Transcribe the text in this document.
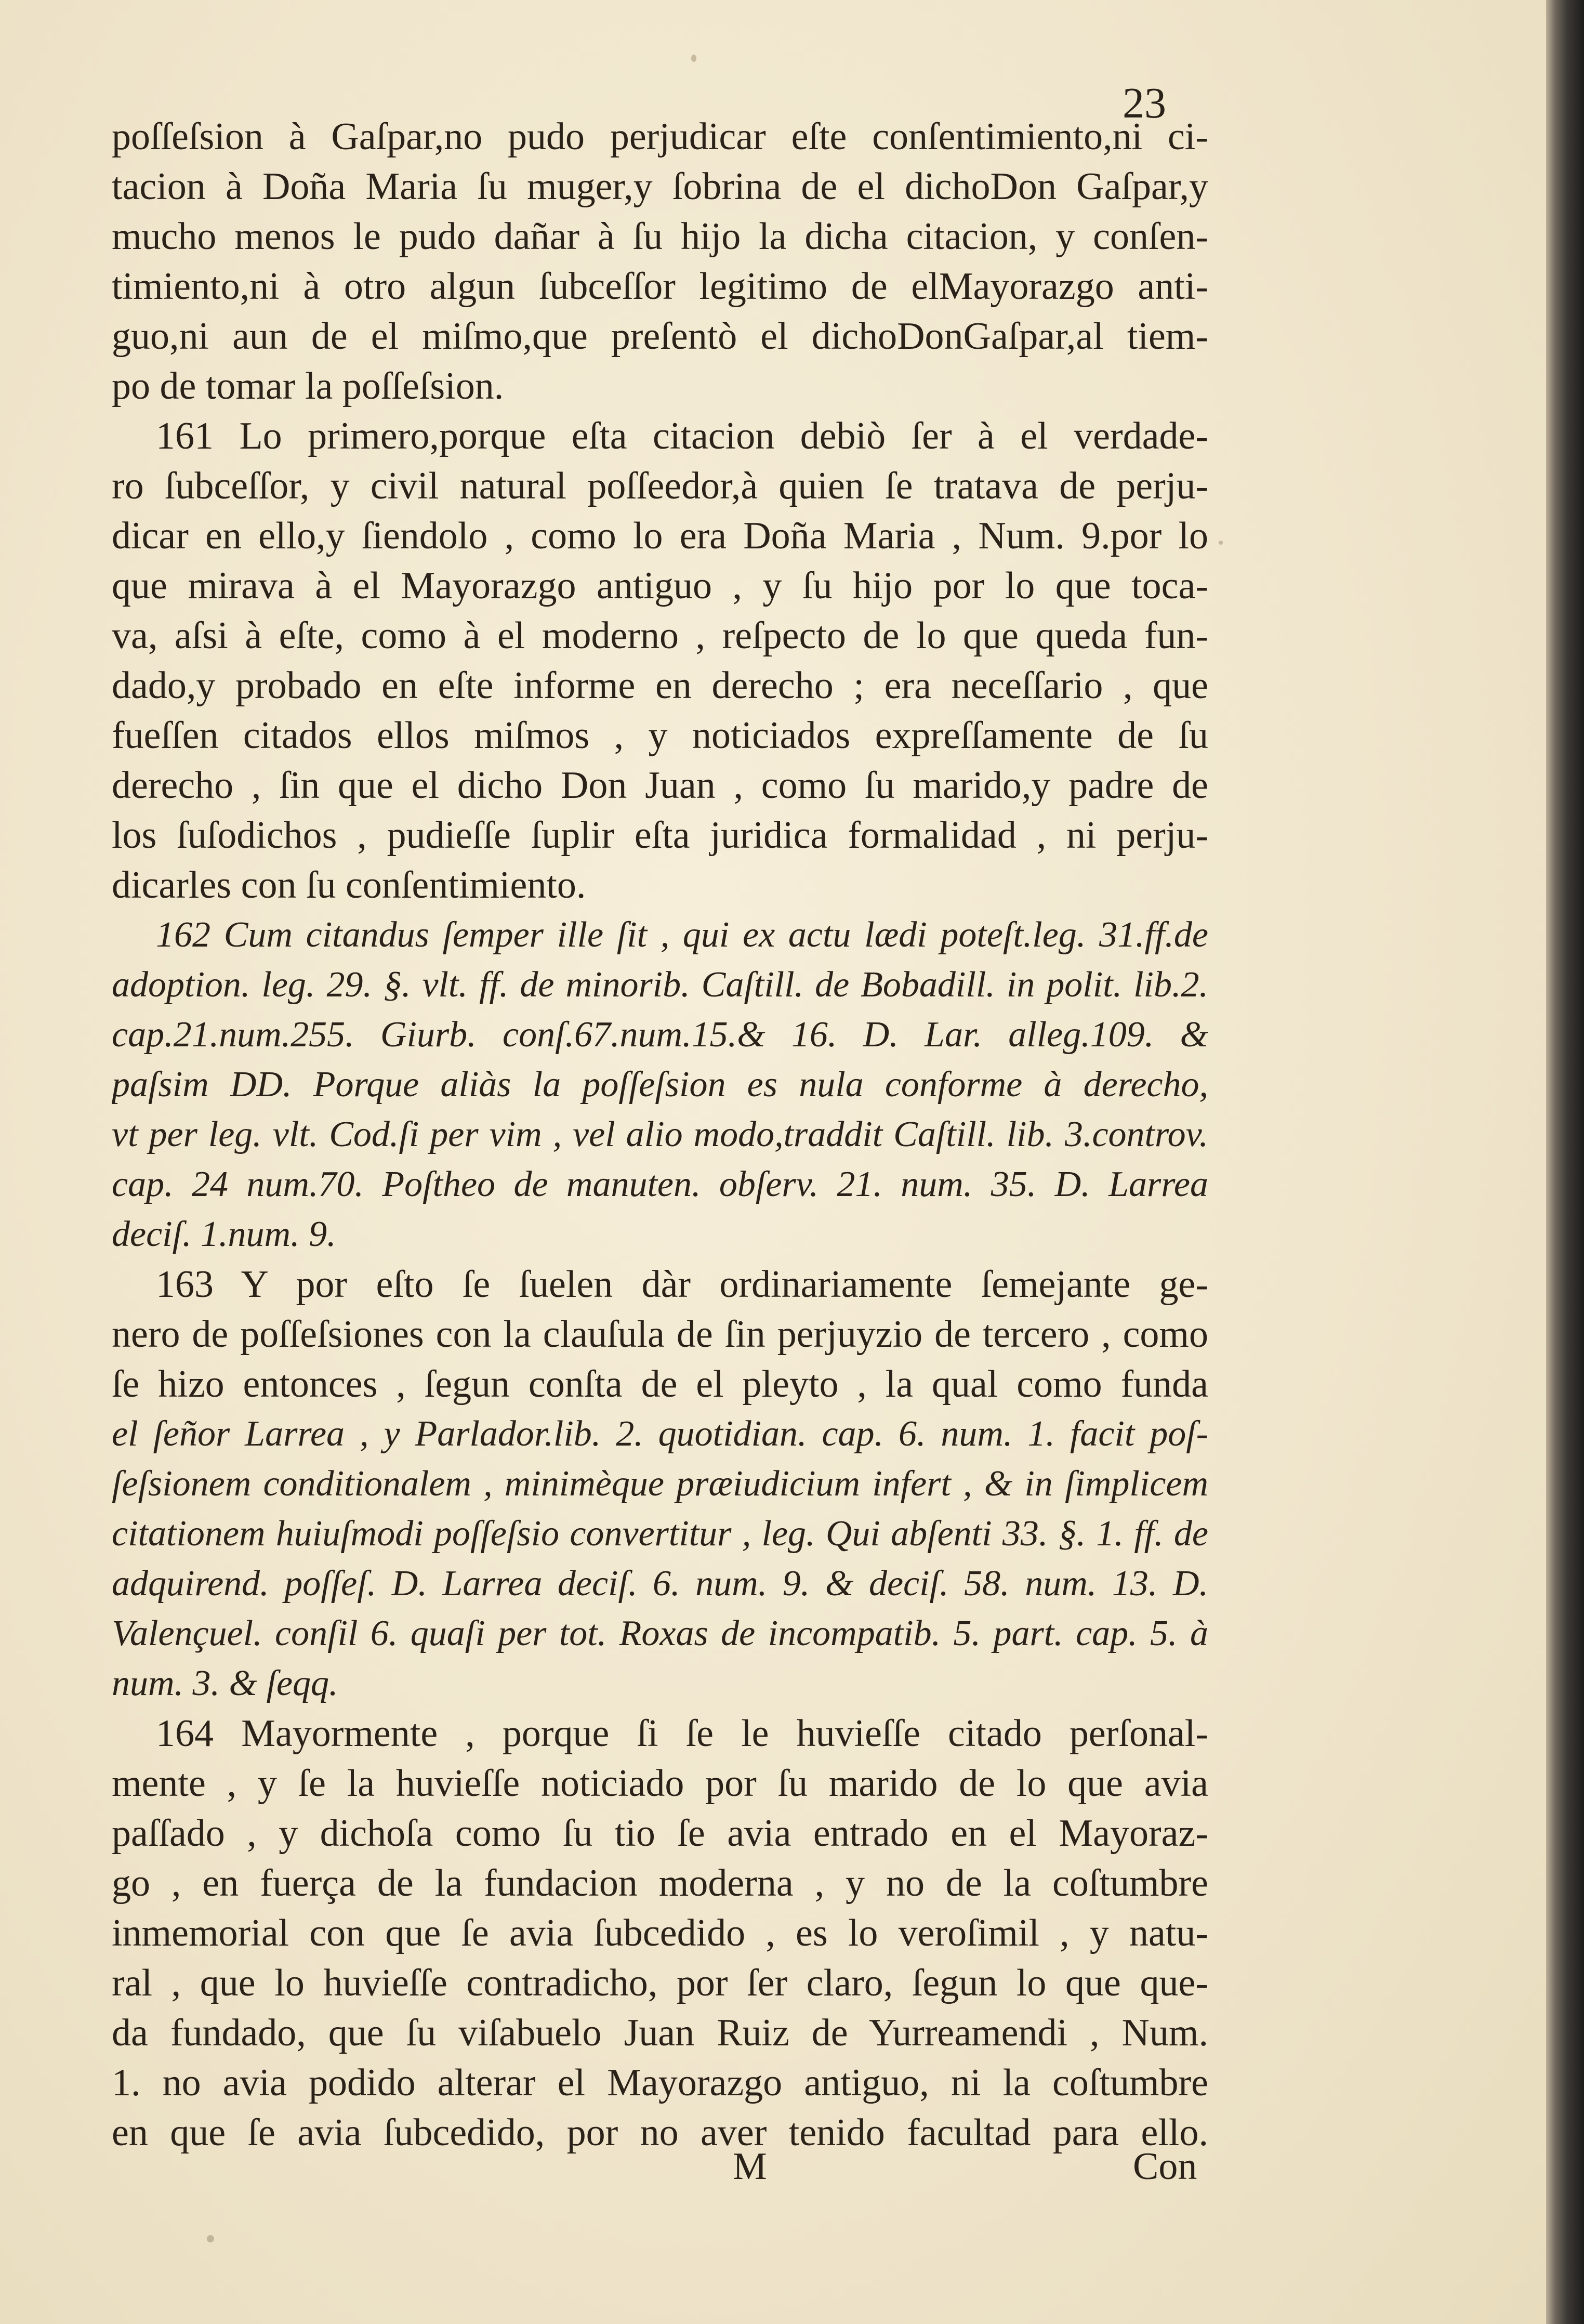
23
poſſeſsion à Gaſpar,no pudo perjudicar eſte conſentimiento,ni ci-
tacion à Doña Maria ſu muger,y ſobrina de el dichoDon Gaſpar,y
mucho menos le pudo dañar à ſu hijo la dicha citacion, y conſen-
timiento,ni à otro algun ſubceſſor legitimo de elMayorazgo anti-
guo,ni aun de el miſmo,que preſentò el dichoDonGaſpar,al tiem-
po de tomar la poſſeſsion.
161 Lo primero,porque eſta citacion debiò ſer à el verdade-
ro ſubceſſor, y civil natural poſſeedor,à quien ſe tratava de perju-
dicar en ello,y ſiendolo , como lo era Doña Maria , Num. 9.por lo
que mirava à el Mayorazgo antiguo , y ſu hijo por lo que toca-
va, aſsi à eſte, como à el moderno , reſpecto de lo que queda fun-
dado,y probado en eſte informe en derecho ; era neceſſario , que
fueſſen citados ellos miſmos , y noticiados expreſſamente de ſu
derecho , ſin que el dicho Don Juan , como ſu marido,y padre de
los ſuſodichos , pudieſſe ſuplir eſta juridica formalidad , ni perju-
dicarles con ſu conſentimiento.
162 Cum citandus ſemper ille ſit , qui ex actu lædi poteſt.leg. 31.ff.de
adoption. leg. 29. §. vlt. ff. de minorib. Caſtill. de Bobadill. in polit. lib.2.
cap.21.num.255. Giurb. conſ.67.num.15.& 16. D. Lar. alleg.109. &
paſsim DD. Porque aliàs la poſſeſsion es nula conforme à derecho,
vt per leg. vlt. Cod.ſi per vim , vel alio modo,traddit Caſtill. lib. 3.controv.
cap. 24 num.70. Poſtheo de manuten. obſerv. 21. num. 35. D. Larrea
deciſ. 1.num. 9.
163 Y por eſto ſe ſuelen dàr ordinariamente ſemejante ge-
nero de poſſeſsiones con la clauſula de ſin perjuyzio de tercero , como
ſe hizo entonces , ſegun conſta de el pleyto , la qual como funda
el ſeñor Larrea , y Parlador.lib. 2. quotidian. cap. 6. num. 1. facit poſ-
ſeſsionem conditionalem , minimèque præiudicium infert , & in ſimplicem
citationem huiuſmodi poſſeſsio convertitur , leg. Qui abſenti 33. §. 1. ff. de
adquirend. poſſeſ. D. Larrea deciſ. 6. num. 9. & deciſ. 58. num. 13. D.
Valençuel. conſil 6. quaſi per tot. Roxas de incompatib. 5. part. cap. 5. à
num. 3. & ſeqq.
164 Mayormente , porque ſi ſe le huvieſſe citado perſonal-
mente , y ſe la huvieſſe noticiado por ſu marido de lo que avia
paſſado , y dichoſa como ſu tio ſe avia entrado en el Mayoraz-
go , en fuerça de la fundacion moderna , y no de la coſtumbre
inmemorial con que ſe avia ſubcedido , es lo veroſimil , y natu-
ral , que lo huvieſſe contradicho, por ſer claro, ſegun lo que que-
da fundado, que ſu viſabuelo Juan Ruiz de Yurreamendi , Num.
1. no avia podido alterar el Mayorazgo antiguo, ni la coſtumbre
en que ſe avia ſubcedido, por no aver tenido facultad para ello.
M	Con
